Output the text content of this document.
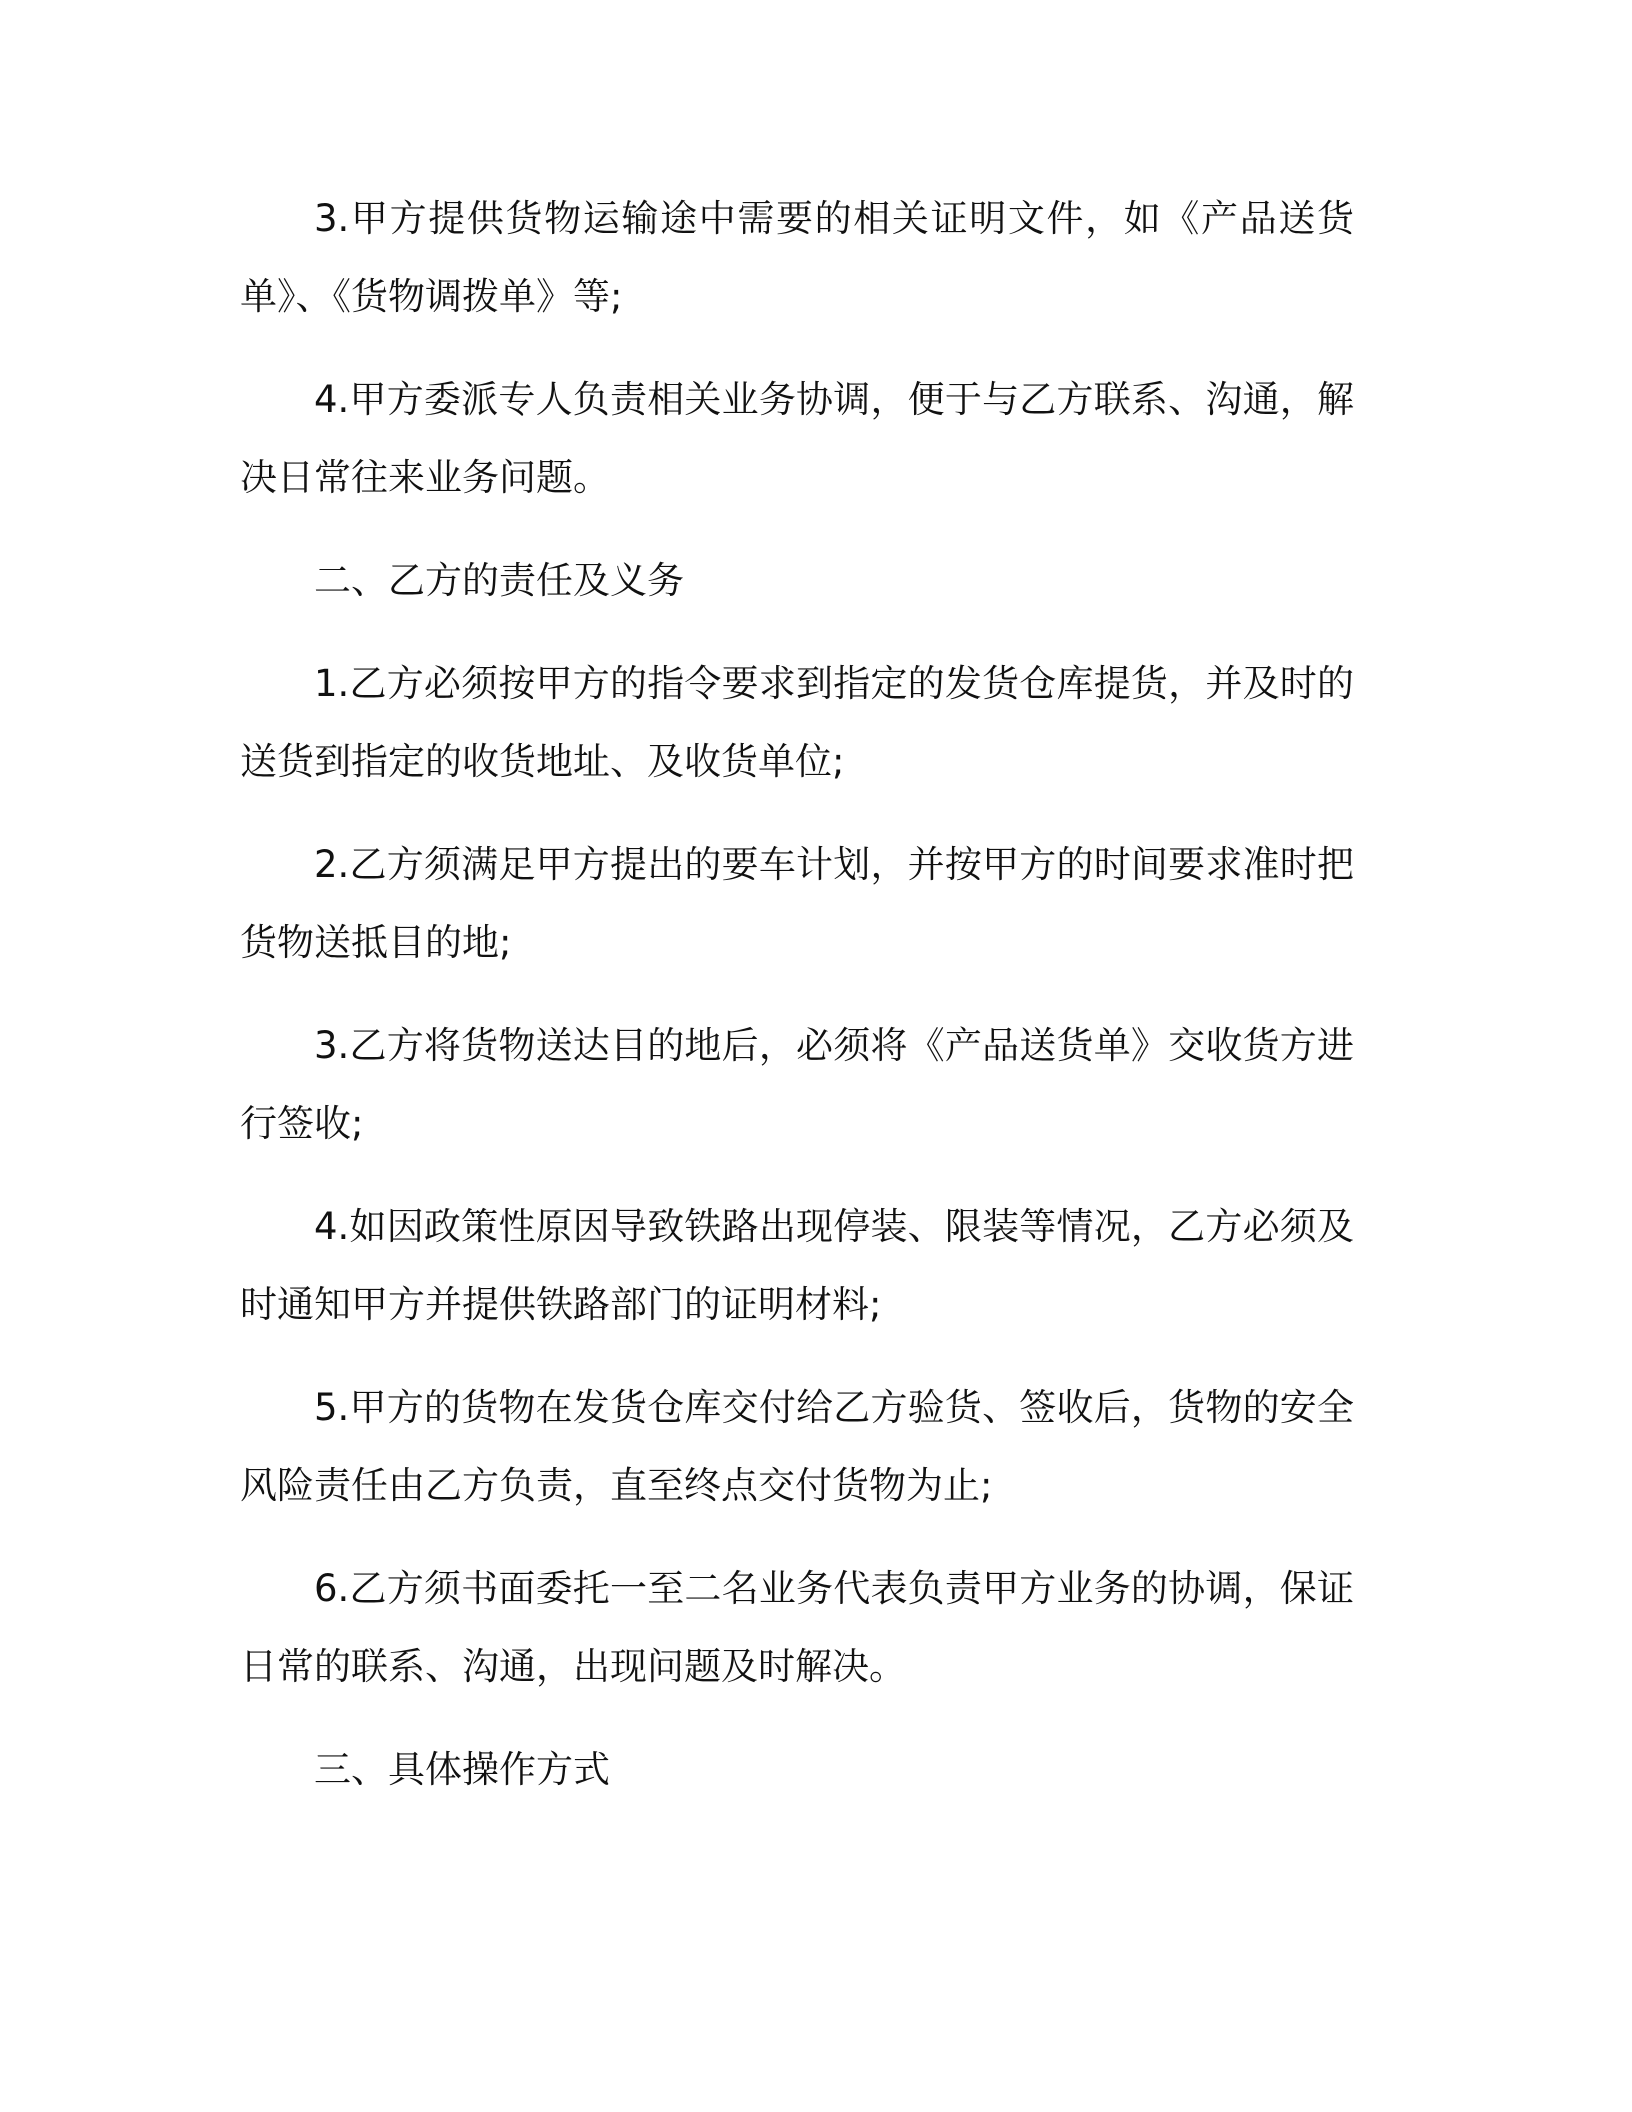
3.甲方提供货物运输途中需要的相关证明文件，如《产品送货单》、《货物调拨单》等;

4.甲方委派专人负责相关业务协调，便于与乙方联系、沟通，解决日常往来业务问题。

二、乙方的责任及义务

1.乙方必须按甲方的指令要求到指定的发货仓库提货，并及时的送货到指定的收货地址、及收货单位;

2.乙方须满足甲方提出的要车计划，并按甲方的时间要求准时把货物送抵目的地;

3.乙方将货物送达目的地后，必须将《产品送货单》交收货方进行签收;

4.如因政策性原因导致铁路出现停装、限装等情况，乙方必须及时通知甲方并提供铁路部门的证明材料;

5.甲方的货物在发货仓库交付给乙方验货、签收后，货物的安全风险责任由乙方负责，直至终点交付货物为止;

6.乙方须书面委托一至二名业务代表负责甲方业务的协调，保证日常的联系、沟通，出现问题及时解决。

三、具体操作方式
